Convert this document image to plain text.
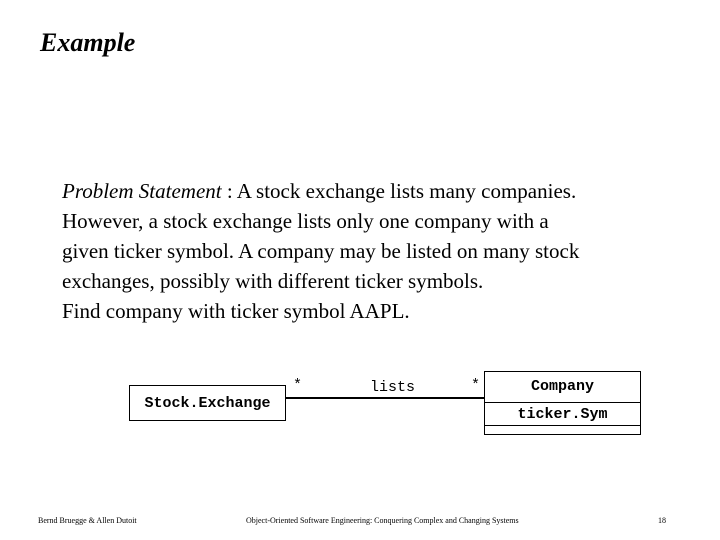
Example
Problem Statement : A stock exchange lists many companies.
However, a stock exchange lists only one company with a
given ticker symbol. A company may be listed on many stock
exchanges, possibly with different ticker symbols.
Find company with ticker symbol AAPL.
Stock.Exchange
*	lists	*	Company
ticker.Sym
Bernd Bruegge & Allen Dutoit	Object-Oriented Software Engineering: Conquering Complex and Changing Systems	18
